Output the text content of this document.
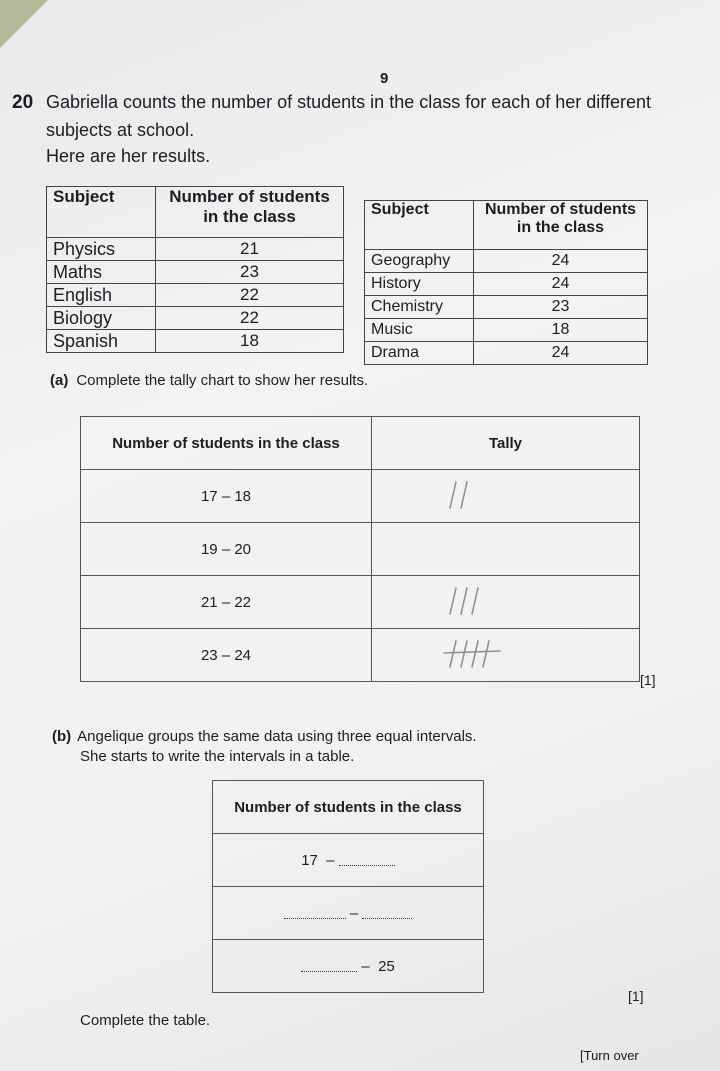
9
20 Gabriella counts the number of students in the class for each of her different
subjects at school.
Here are her results.
Subject	Number of students in the class
Physics	21
Maths	23
English	22
Biology	22
Spanish	18
Subject	Number of students in the class
Geography	24
History	24
Chemistry	23
Music	18
Drama	24
(a) Complete the tally chart to show her results.
Number of students in the class	Tally
17 – 18	

19 – 20	

21 – 22	

23 – 24	
[1]
(b) Angelique groups the same data using three equal intervals.
She starts to write the intervals in a table.
Number of students in the class
17 –
–
– 25
[1]
Complete the table.
[Turn over
